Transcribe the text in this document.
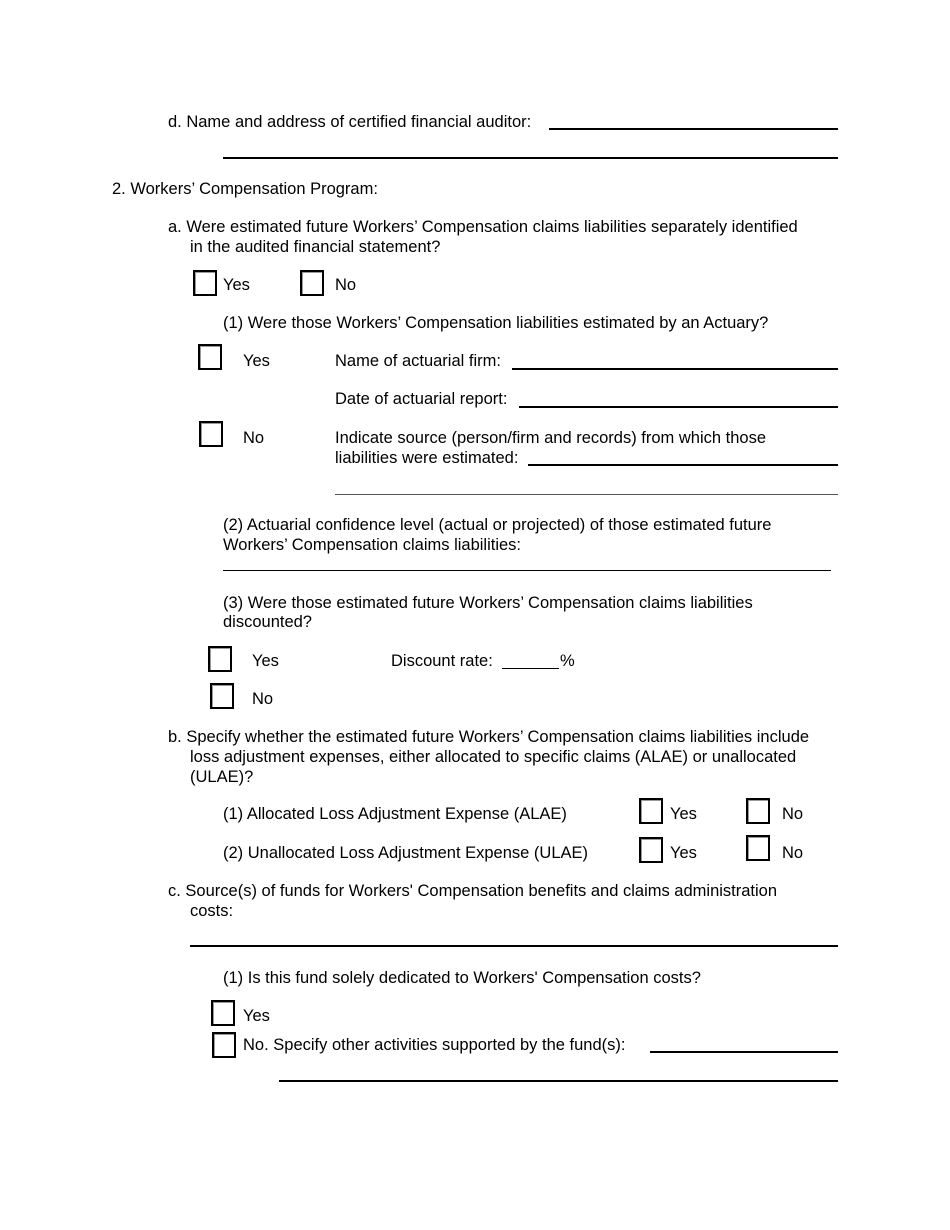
d. Name and address of certified financial auditor:
2. Workers’ Compensation Program:
a. Were estimated future Workers’ Compensation claims liabilities separately identified
in the audited financial statement?
Yes	No
(1) Were those Workers’ Compensation liabilities estimated by an Actuary?
Yes	Name of actuarial firm:
Date of actuarial report:
No	Indicate source (person/firm and records) from which those
liabilities were estimated:
(2) Actuarial confidence level (actual or projected) of those estimated future
Workers’ Compensation claims liabilities:
(3) Were those estimated future Workers’ Compensation claims liabilities
discounted?
Yes	Discount rate:	%
No
b. Specify whether the estimated future Workers’ Compensation claims liabilities include
loss adjustment expenses, either allocated to specific claims (ALAE) or unallocated
(ULAE)?
(1) Allocated Loss Adjustment Expense (ALAE)	Yes	No
(2) Unallocated Loss Adjustment Expense (ULAE)	Yes	No
c. Source(s) of funds for Workers' Compensation benefits and claims administration
costs:
(1) Is this fund solely dedicated to Workers' Compensation costs?
Yes
No. Specify other activities supported by the fund(s):
